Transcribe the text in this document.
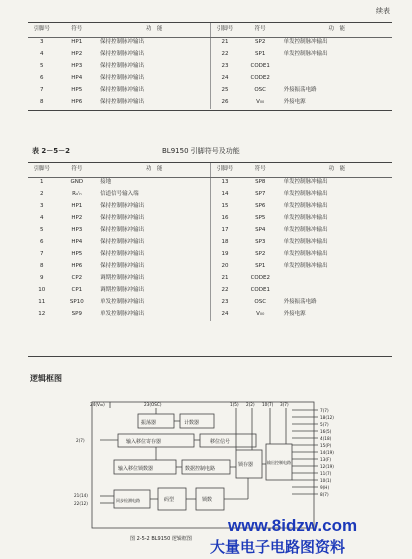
续表
引脚号	符号	功　能	引脚号	符号	功　能
3	HP1	保持控制脉冲输出	21	SP2	单发控制脉冲输出
4	HP2	保持控制脉冲输出	22	SP1	单发控制脉冲输出
5	HP3	保持控制脉冲输出	23	CODE1	
6	HP4	保持控制脉冲输出	24	CODE2	
7	HP5	保持控制脉冲输出	25	OSC	外接振荡电路
8	HP6	保持控制脉冲输出	26	V₀₀	外接电源
表 2－5－2	BL9150 引脚符号及功能
引脚号	符号	功　能	引脚号	符号	功　能
1	GND	接地	13	SP8	单发控制脉冲输出
2	Rₓᴵₙ	信道信号输入端	14	SP7	单发控制脉冲输出
3	HP1	保持控制脉冲输出	15	SP6	单发控制脉冲输出
4	HP2	保持控制脉冲输出	16	SP5	单发控制脉冲输出
5	HP3	保持控制脉冲输出	17	SP4	单发控制脉冲输出
6	HP4	保持控制脉冲输出	18	SP3	单发控制脉冲输出
7	HP5	保持控制脉冲输出	19	SP2	单发控制脉冲输出
8	HP6	保持控制脉冲输出	20	SP1	单发控制脉冲输出
9	CP2	调期控制脉冲输出	21	CODE2	
10	CP1	调期控制脉冲输出	22	CODE1	
11	SP10	单发控制脉冲输出	23	OSC	外接振荡电路
12	SP9	单发控制脉冲输出	24	V₀₀	外接电源
逻辑框图
振荡器	计数器
输入移位寄存器	移位信号
输入移位锁数器	数据控制电路
锁存器	输出控制电路
同步检测电路	码型	锁数
24(V₀₀)	23(OSC)	1(5) 2(2) 10(7) 3(7)
2(7)
21(14)
22(12)
7(7)
18(12)
5(7)
16(5)
4(18)
15(P)
14(19)
13(F)
12(19)
11(7)
10(1)
9(H)
8(7)
图 2-5-2 BL9150 逻辑框图
www.8idzw.com
大量电子电路图资料
